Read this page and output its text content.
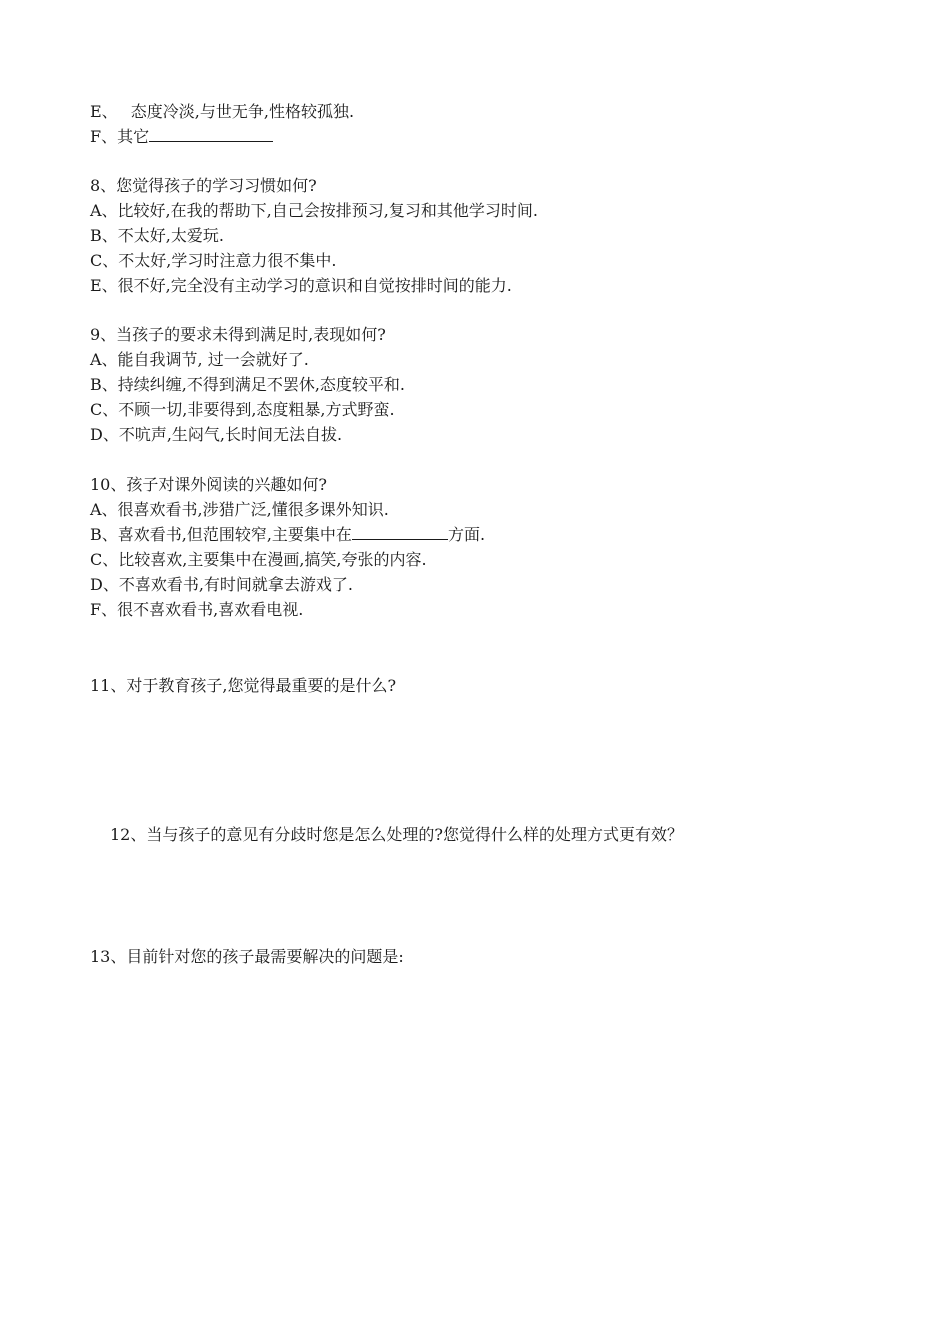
E、 态度冷淡,与世无争,性格较孤独.
F、其它
8、您觉得孩子的学习习惯如何?
A、比较好,在我的帮助下,自己会按排预习,复习和其他学习时间.
B、不太好,太爱玩.
C、不太好,学习时注意力很不集中.
E、很不好,完全没有主动学习的意识和自觉按排时间的能力.
9、当孩子的要求未得到满足时,表现如何?
A、能自我调节, 过一会就好了.
B、持续纠缠,不得到满足不罢休,态度较平和.
C、不顾一切,非要得到,态度粗暴,方式野蛮.
D、不吭声,生闷气,长时间无法自拔.
10、孩子对课外阅读的兴趣如何?
A、很喜欢看书,涉猎广泛,懂很多课外知识.
B、喜欢看书,但范围较窄,主要集中在	方面.
C、比较喜欢,主要集中在漫画,搞笑,夸张的内容.
D、不喜欢看书,有时间就拿去游戏了.
F、很不喜欢看书,喜欢看电视.
11、对于教育孩子,您觉得最重要的是什么?
12、当与孩子的意见有分歧时您是怎么处理的?您觉得什么样的处理方式更有效？
13、目前针对您的孩子最需要解决的问题是:
